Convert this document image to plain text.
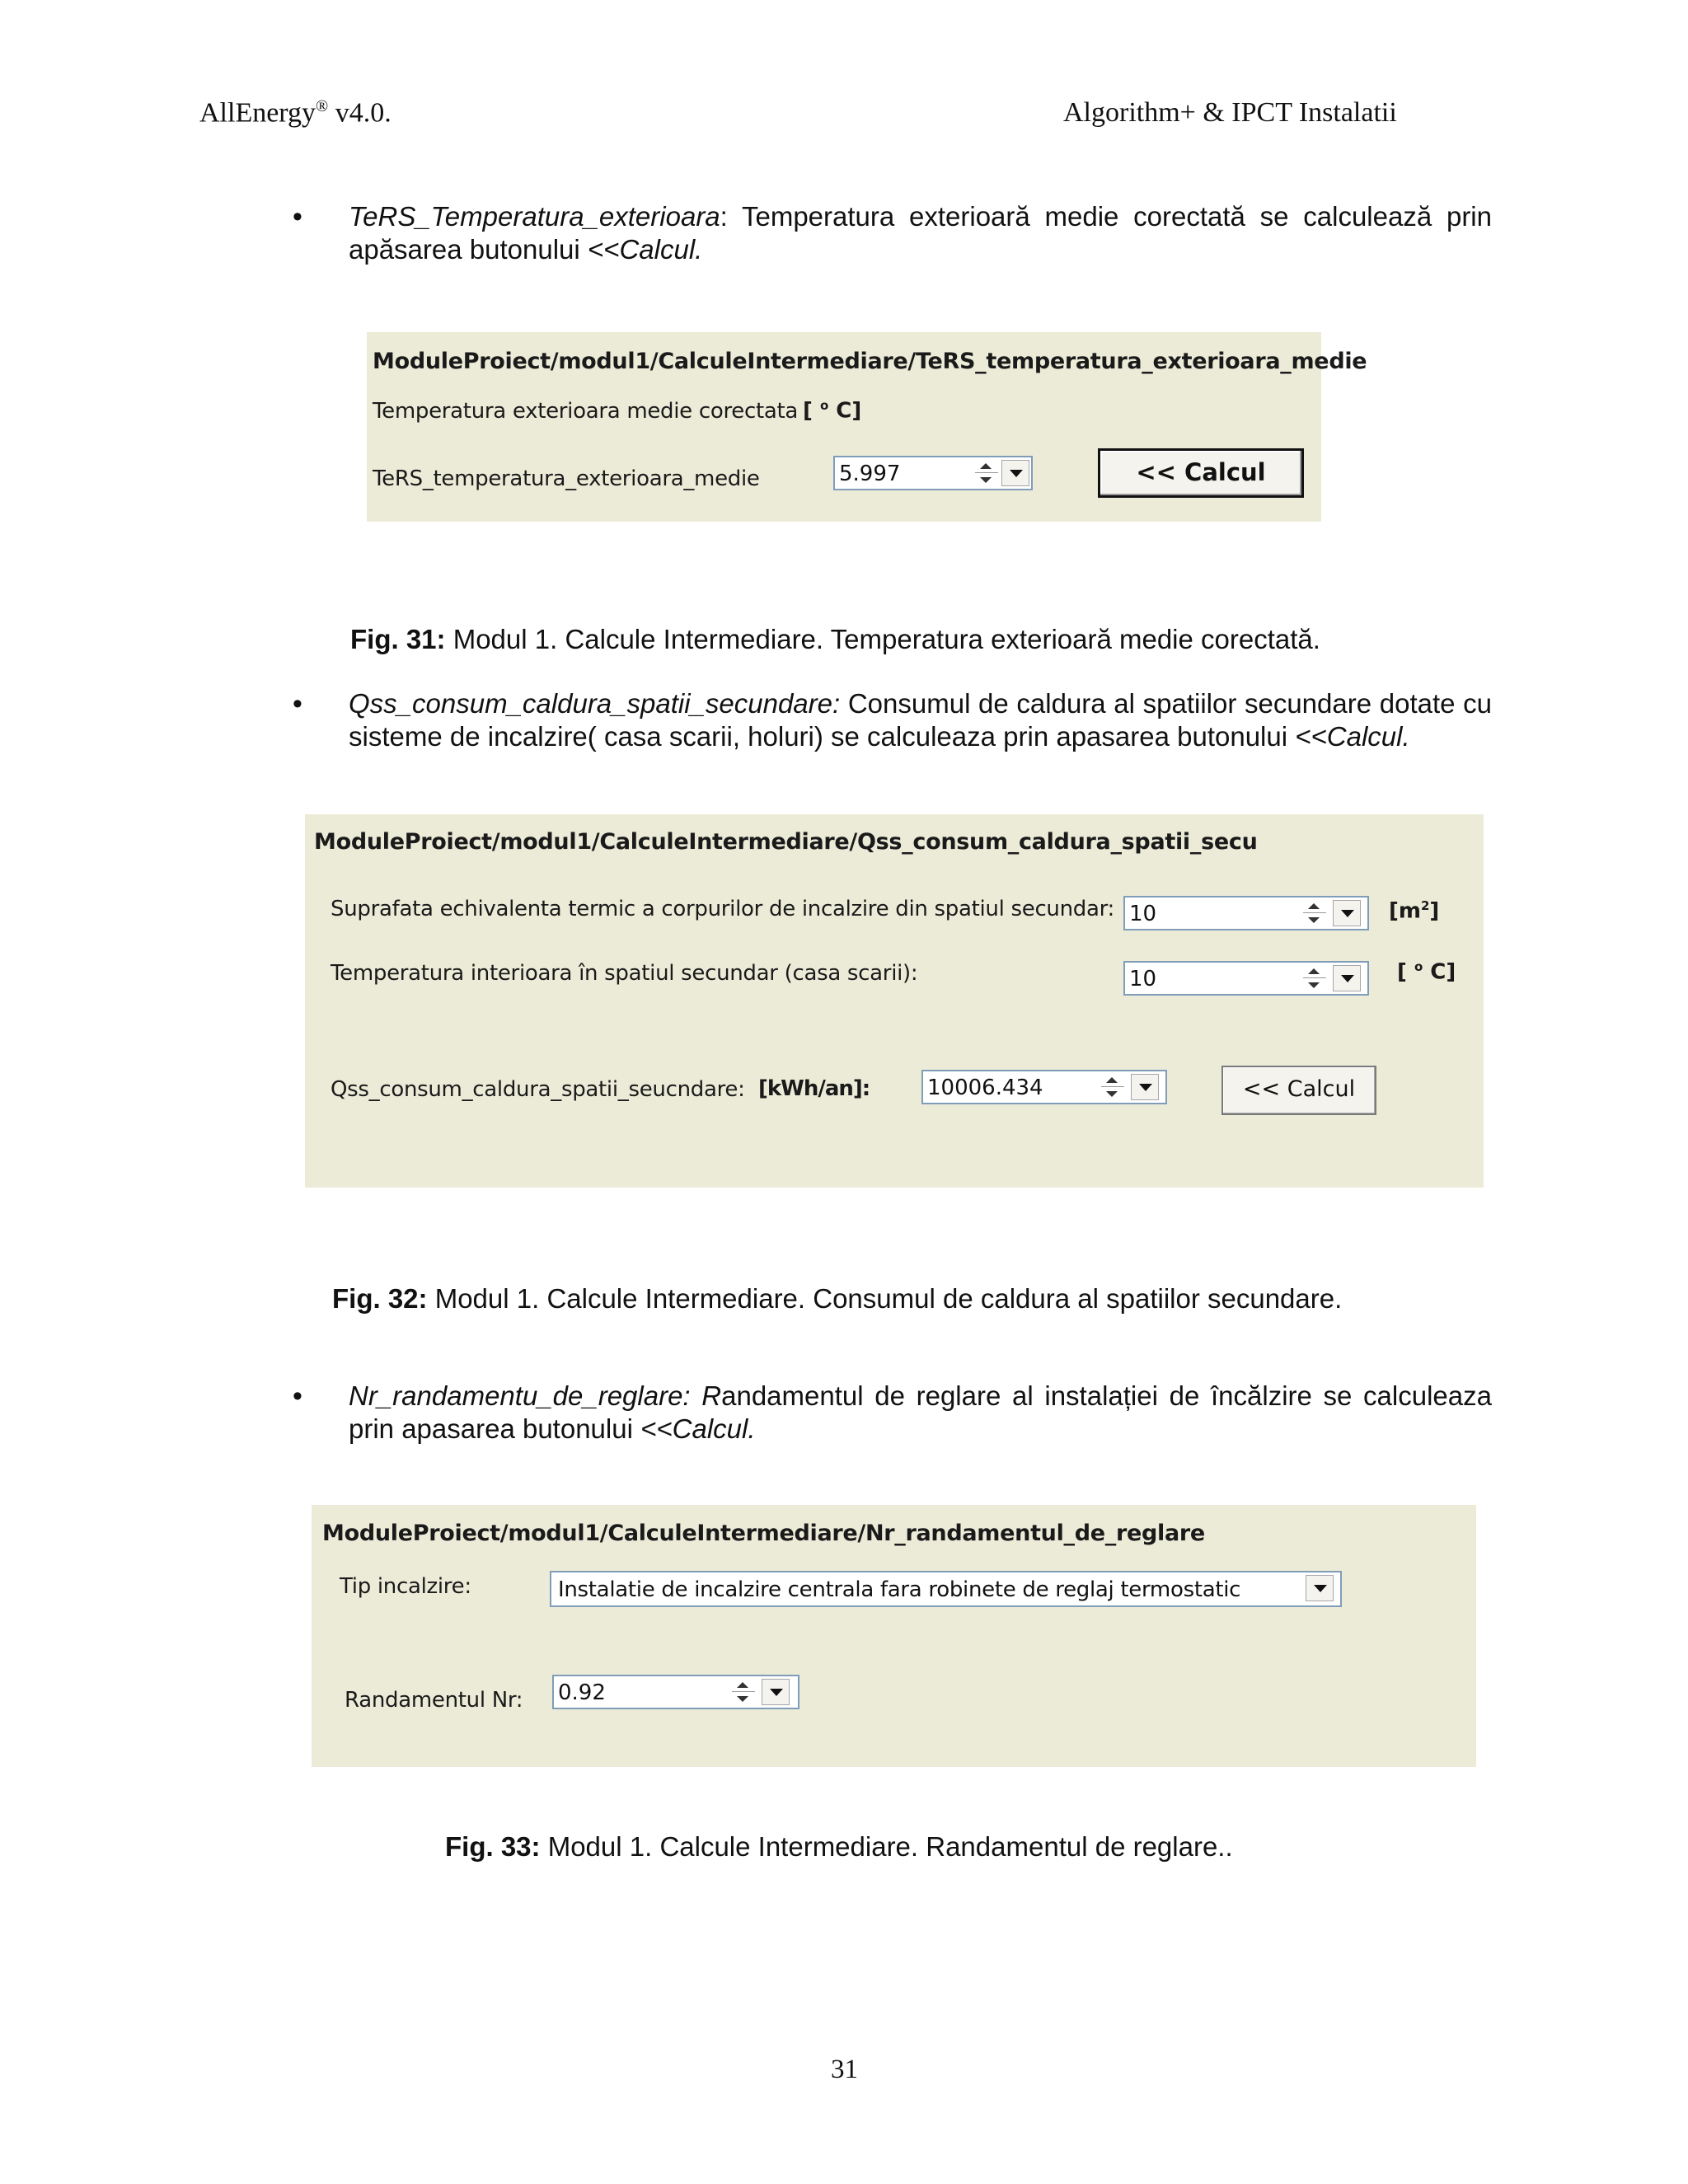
AllEnergy® v4.0.	Algorithm+ & IPCT Instalatii
• TeRS_Temperatura_exterioara: Temperatura exterioară medie corectată se calculează prin apăsarea butonului <<Calcul.
ModuleProiect/modul1/CalculeIntermediare/TeRS_temperatura_exterioara_medie
Temperatura exterioara medie corectata [ $^o$ C]
TeRS_temperatura_exterioara_medie	5.997	<< Calcul
Fig. 31: Modul 1. Calcule Intermediare. Temperatura exterioară medie corectată.
• Qss_consum_caldura_spatii_secundare: Consumul de caldura al spatiilor secundare dotate cu sisteme de incalzire( casa scarii, holuri) se calculeaza prin apasarea butonului <<Calcul.
ModuleProiect/modul1/CalculeIntermediare/Qss_consum_caldura_spatii_secu
Suprafata echivalenta termic a corpurilor de incalzire din spatiul secundar: 10	$[m^2]$
Temperatura interioara în spatiul secundar (casa scarii):	10	[ $^o$ C]
Qss_consum_caldura_spatii_seucndare: [kWh/an]:	10006.434	<< Calcul
Fig. 32: Modul 1. Calcule Intermediare. Consumul de caldura al spatiilor secundare.
• Nr_randamentu_de_reglare: Randamentul de reglare al instalației de încălzire se calculeaza prin apasarea butonului <<Calcul.
ModuleProiect/modul1/CalculeIntermediare/Nr_randamentul_de_reglare
Tip incalzire:	Instalatie de incalzire centrala fara robinete de reglaj termostatic
Randamentul Nr: 0.92
Fig. 33: Modul 1. Calcule Intermediare. Randamentul de reglare..
31
